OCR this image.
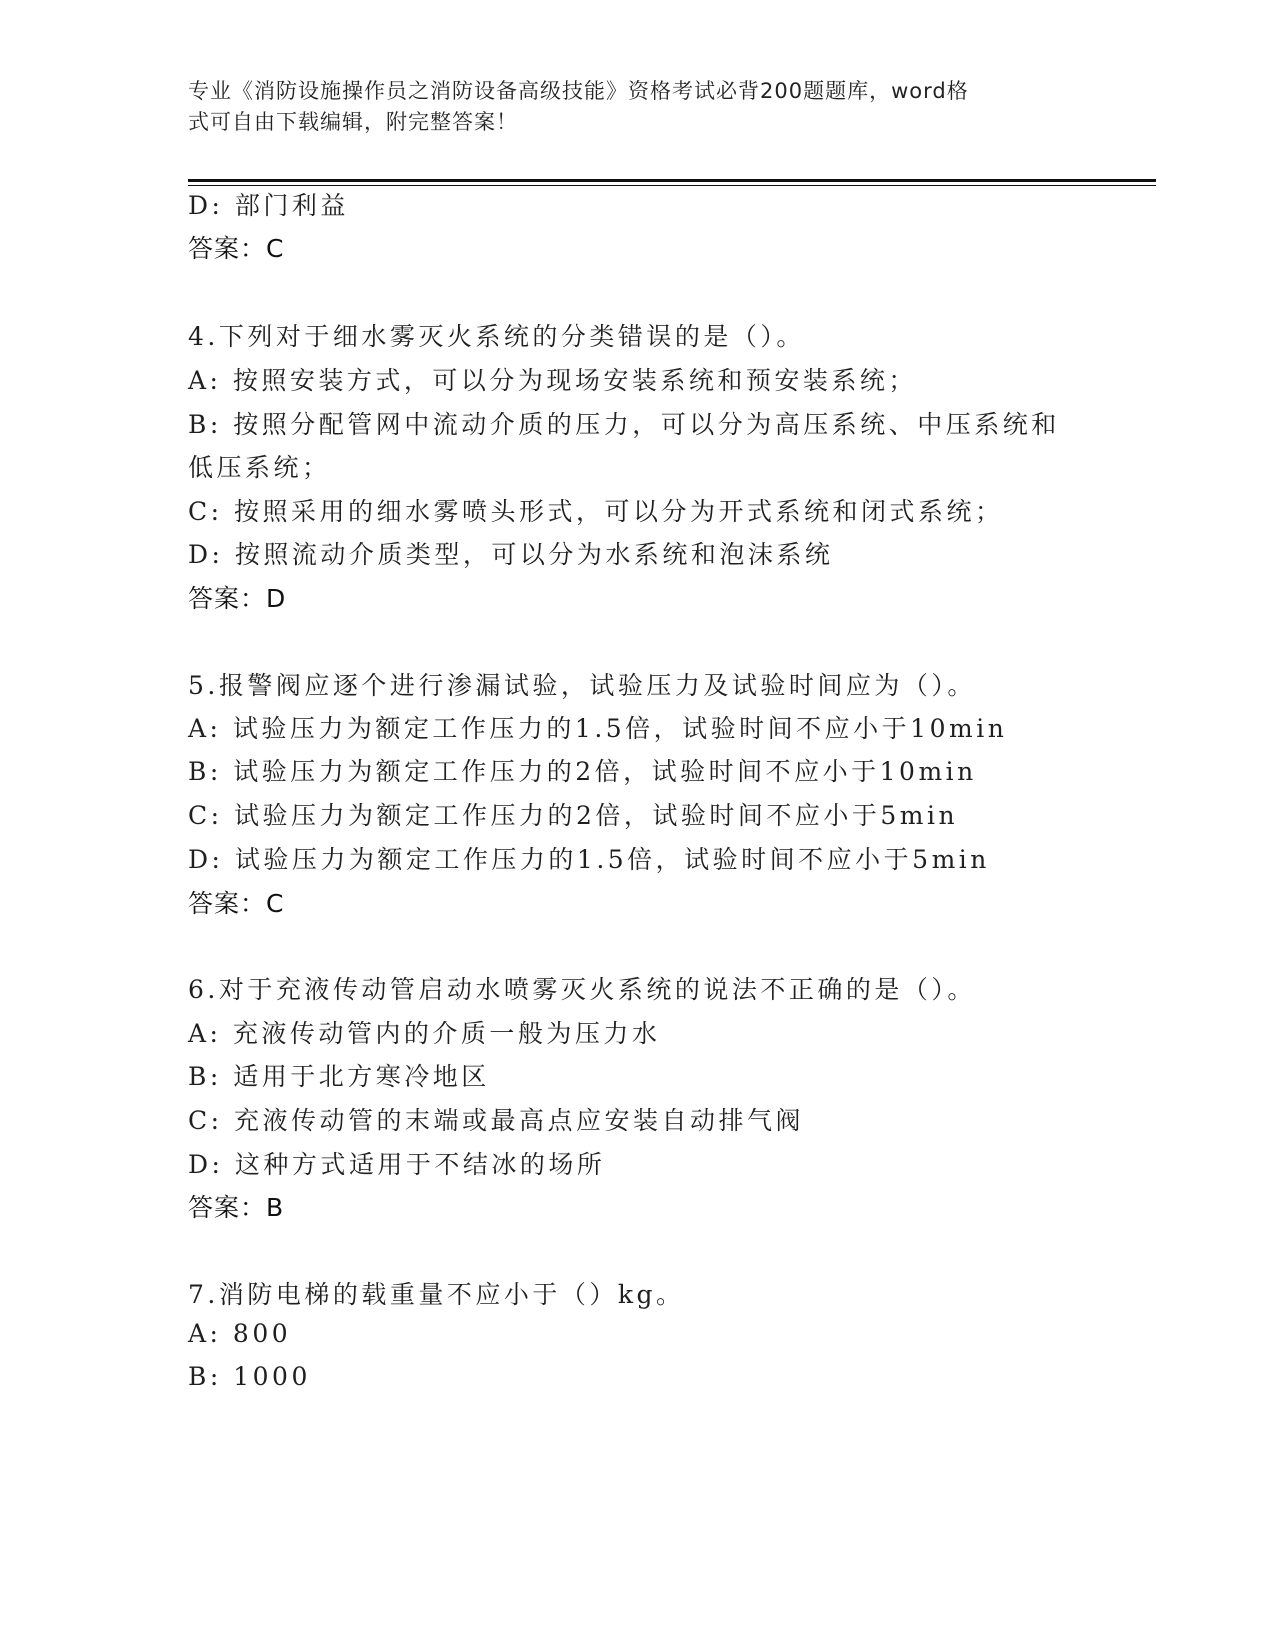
专业《消防设施操作员之消防设备高级技能》资格考试必背200题题库，word格
式可自由下载编辑，附完整答案！
D: 部门利益
答案：C
4.下列对于细水雾灭火系统的分类错误的是（）。
A: 按照安装方式，可以分为现场安装系统和预安装系统；
B: 按照分配管网中流动介质的压力，可以分为高压系统、中压系统和
低压系统；
C: 按照采用的细水雾喷头形式，可以分为开式系统和闭式系统；
D: 按照流动介质类型，可以分为水系统和泡沫系统
答案：D
5.报警阀应逐个进行渗漏试验，试验压力及试验时间应为（）。
A: 试验压力为额定工作压力的1.5倍，试验时间不应小于10min
B: 试验压力为额定工作压力的2倍，试验时间不应小于10min
C: 试验压力为额定工作压力的2倍，试验时间不应小于5min
D: 试验压力为额定工作压力的1.5倍，试验时间不应小于5min
答案：C
6.对于充液传动管启动水喷雾灭火系统的说法不正确的是（）。
A: 充液传动管内的介质一般为压力水
B: 适用于北方寒冷地区
C: 充液传动管的末端或最高点应安装自动排气阀
D: 这种方式适用于不结冰的场所
答案：B
7.消防电梯的载重量不应小于（）kg。
A: 800
B: 1000
